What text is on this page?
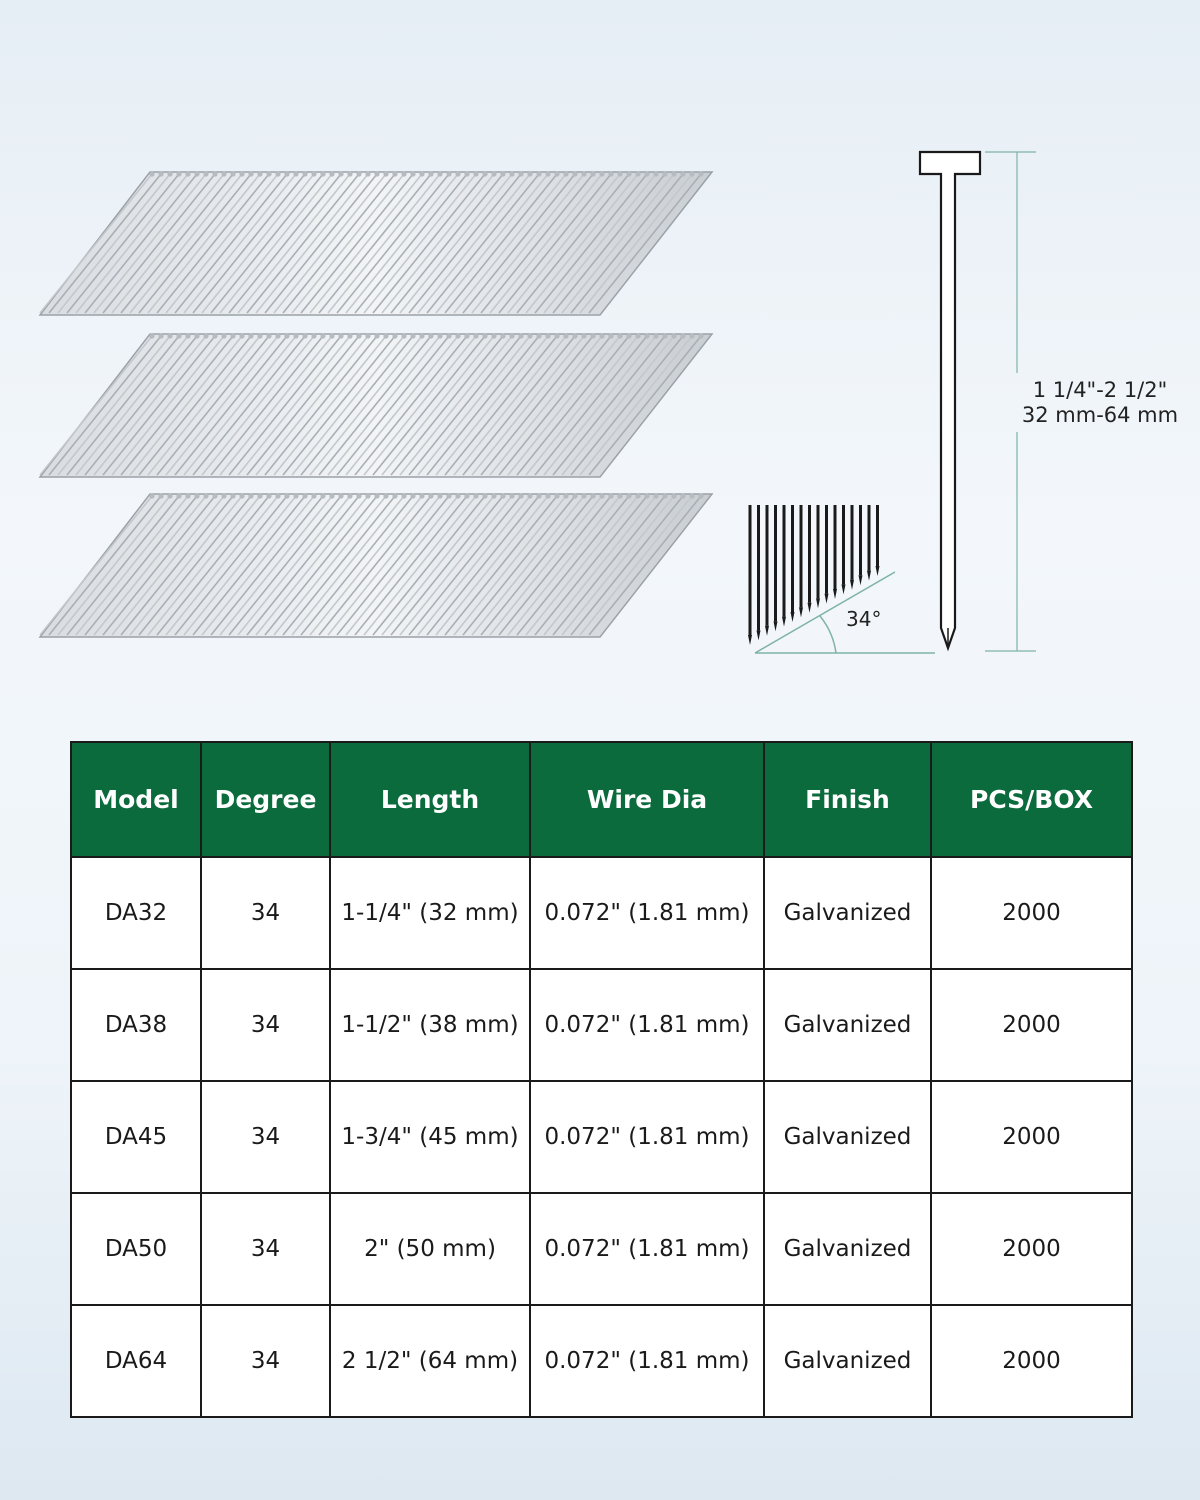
1 1/4"-2 1/2"
32 mm-64 mm
34°
Model	Degree	Length	Wire Dia	Finish	PCS/BOX
DA32	34	1-1/4" (32 mm)	0.072" (1.81 mm)	Galvanized	2000
DA38	34	1-1/2" (38 mm)	0.072" (1.81 mm)	Galvanized	2000
DA45	34	1-3/4" (45 mm)	0.072" (1.81 mm)	Galvanized	2000
DA50	34	2" (50 mm)	0.072" (1.81 mm)	Galvanized	2000
DA64	34	2 1/2" (64 mm)	0.072" (1.81 mm)	Galvanized	2000
